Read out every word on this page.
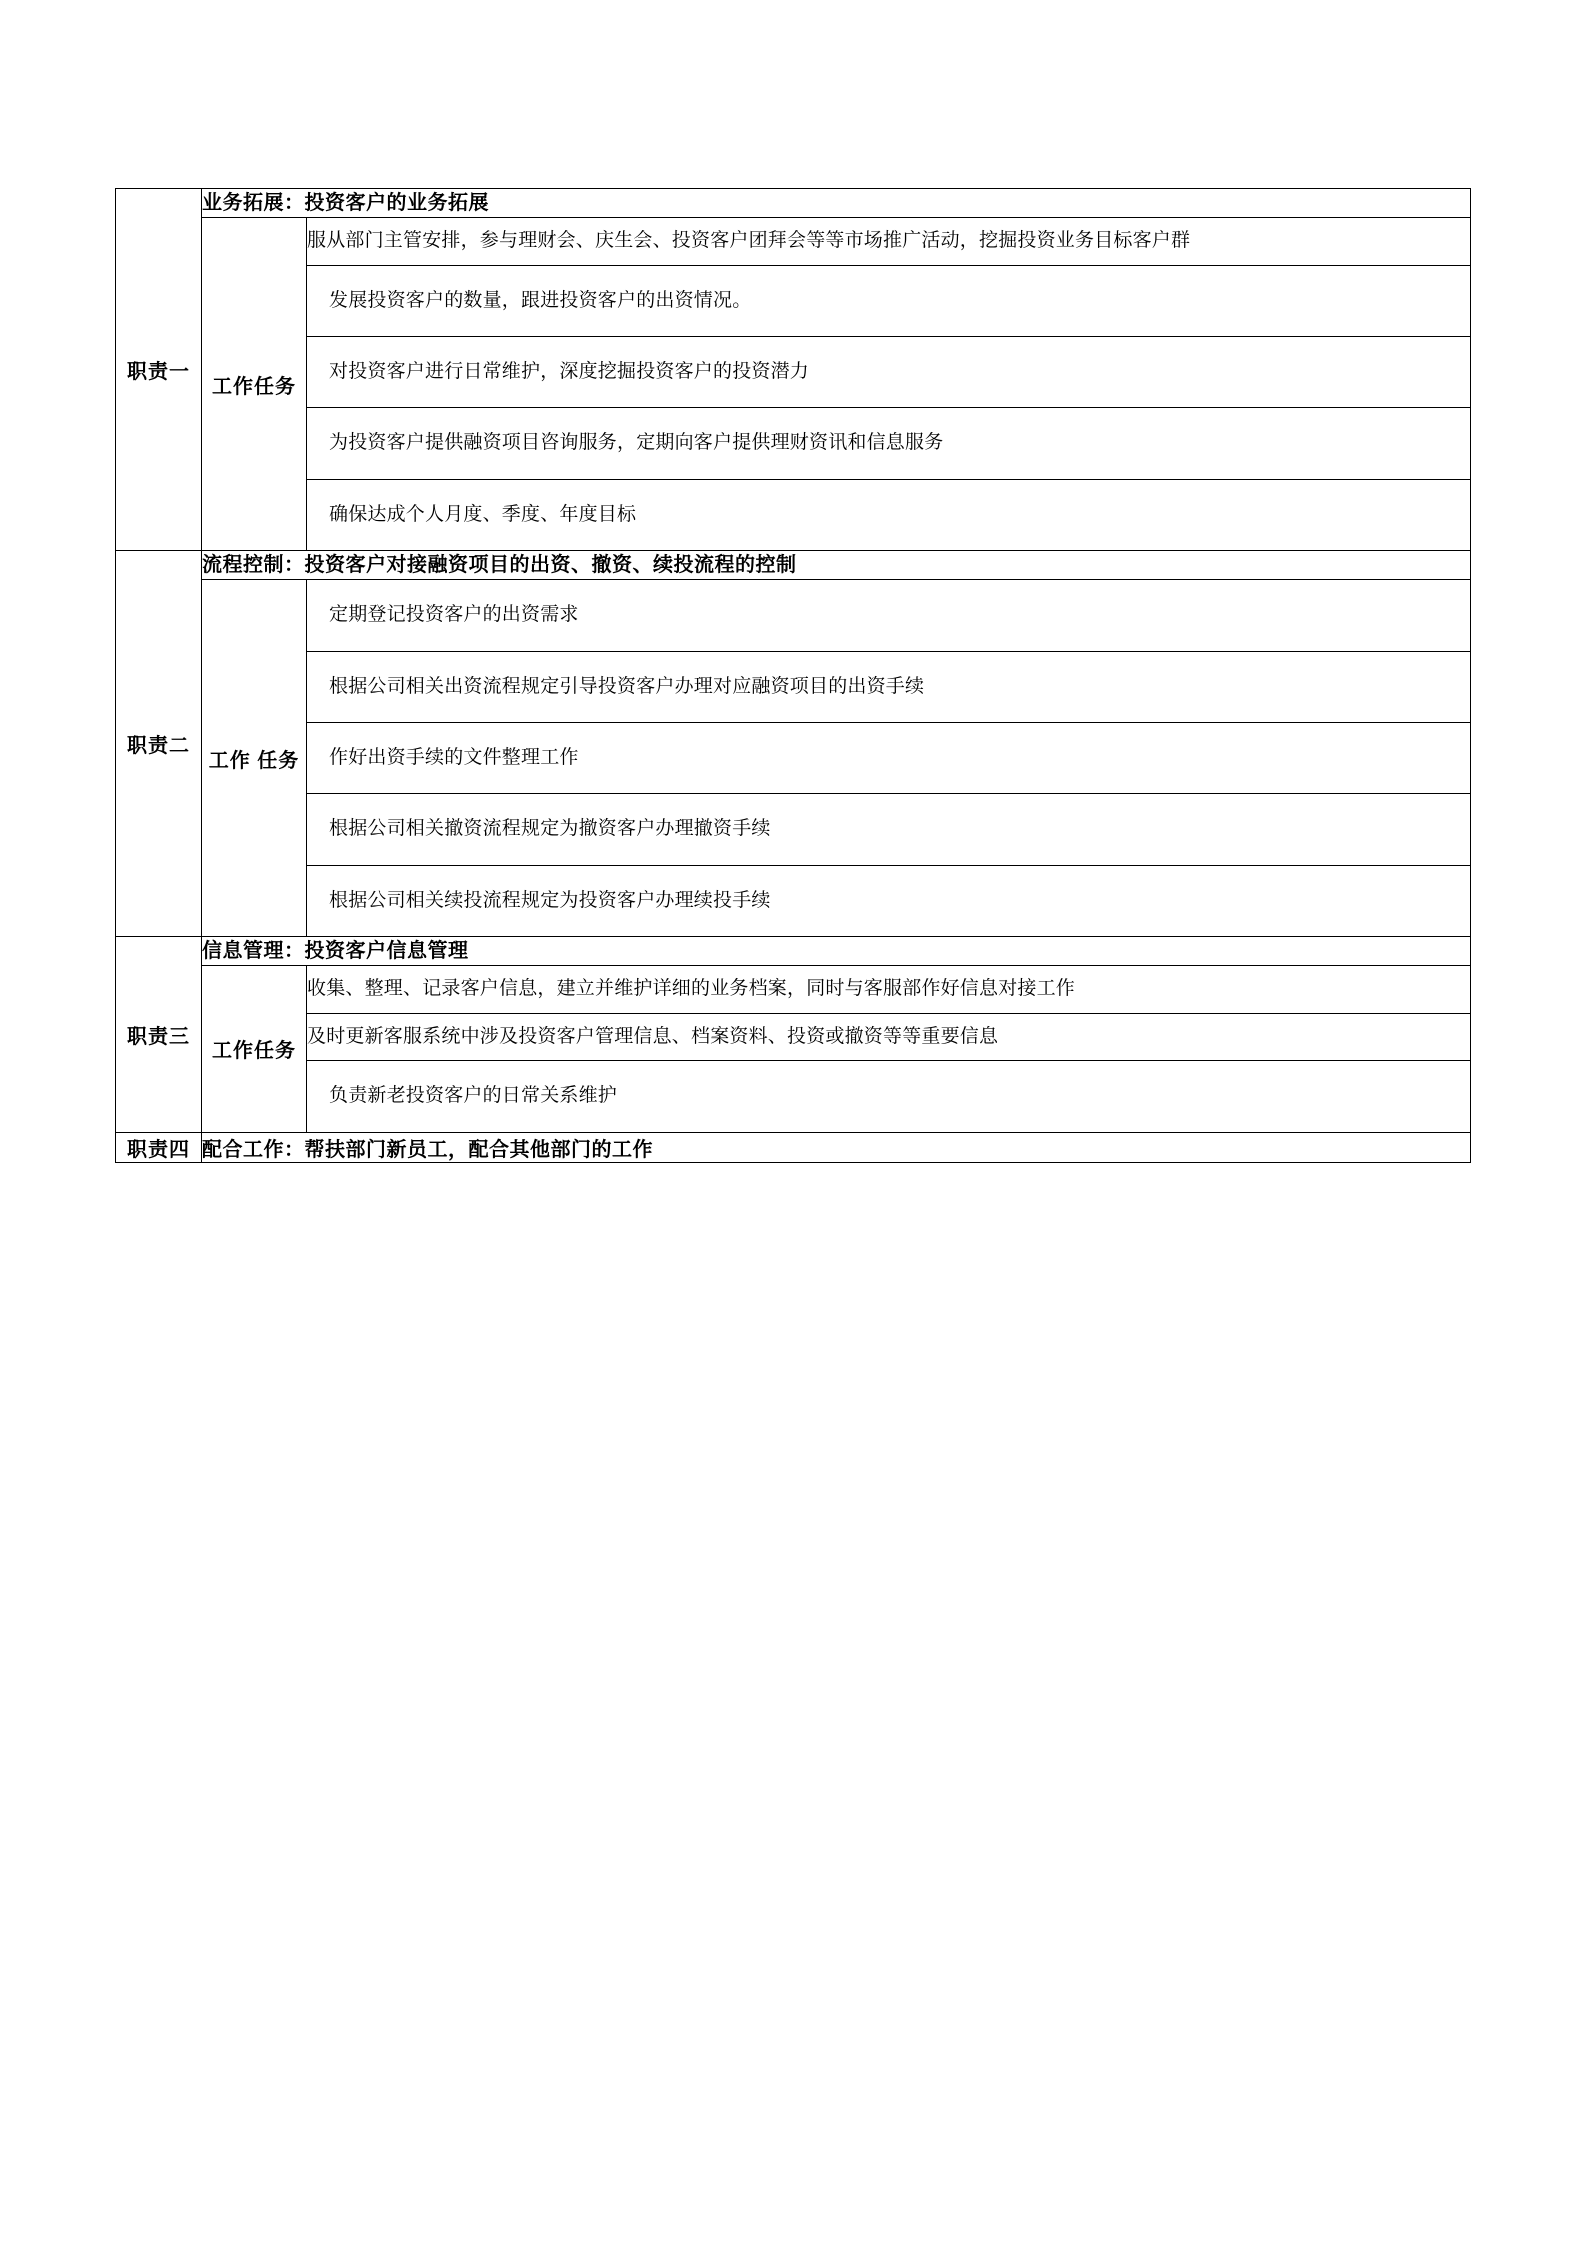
职责一	业务拓展：投资客户的业务拓展
工作任务	
服从部门主管安排，参与理财会、庆生会、投资客户团拜会等等市场推广活动，挖掘投资业务目标客户群
发展投资客户的数量，跟进投资客户的出资情况。
对投资客户进行日常维护，深度挖掘投资客户的投资潜力
为投资客户提供融资项目咨询服务，定期向客户提供理财资讯和信息服务
确保达成个人月度、季度、年度目标

职责二	流程控制：投资客户对接融资项目的出资、撤资、续投流程的控制
工作 任务	
定期登记投资客户的出资需求
根据公司相关出资流程规定引导投资客户办理对应融资项目的出资手续
作好出资手续的文件整理工作
根据公司相关撤资流程规定为撤资客户办理撤资手续
根据公司相关续投流程规定为投资客户办理续投手续

职责三	信息管理：投资客户信息管理
工作任务	
收集、整理、记录客户信息，建立并维护详细的业务档案，同时与客服部作好信息对接工作
及时更新客服系统中涉及投资客户管理信息、档案资料、投资或撤资等等重要信息
负责新老投资客户的日常关系维护

职责四	配合工作：帮扶部门新员工，配合其他部门的工作
